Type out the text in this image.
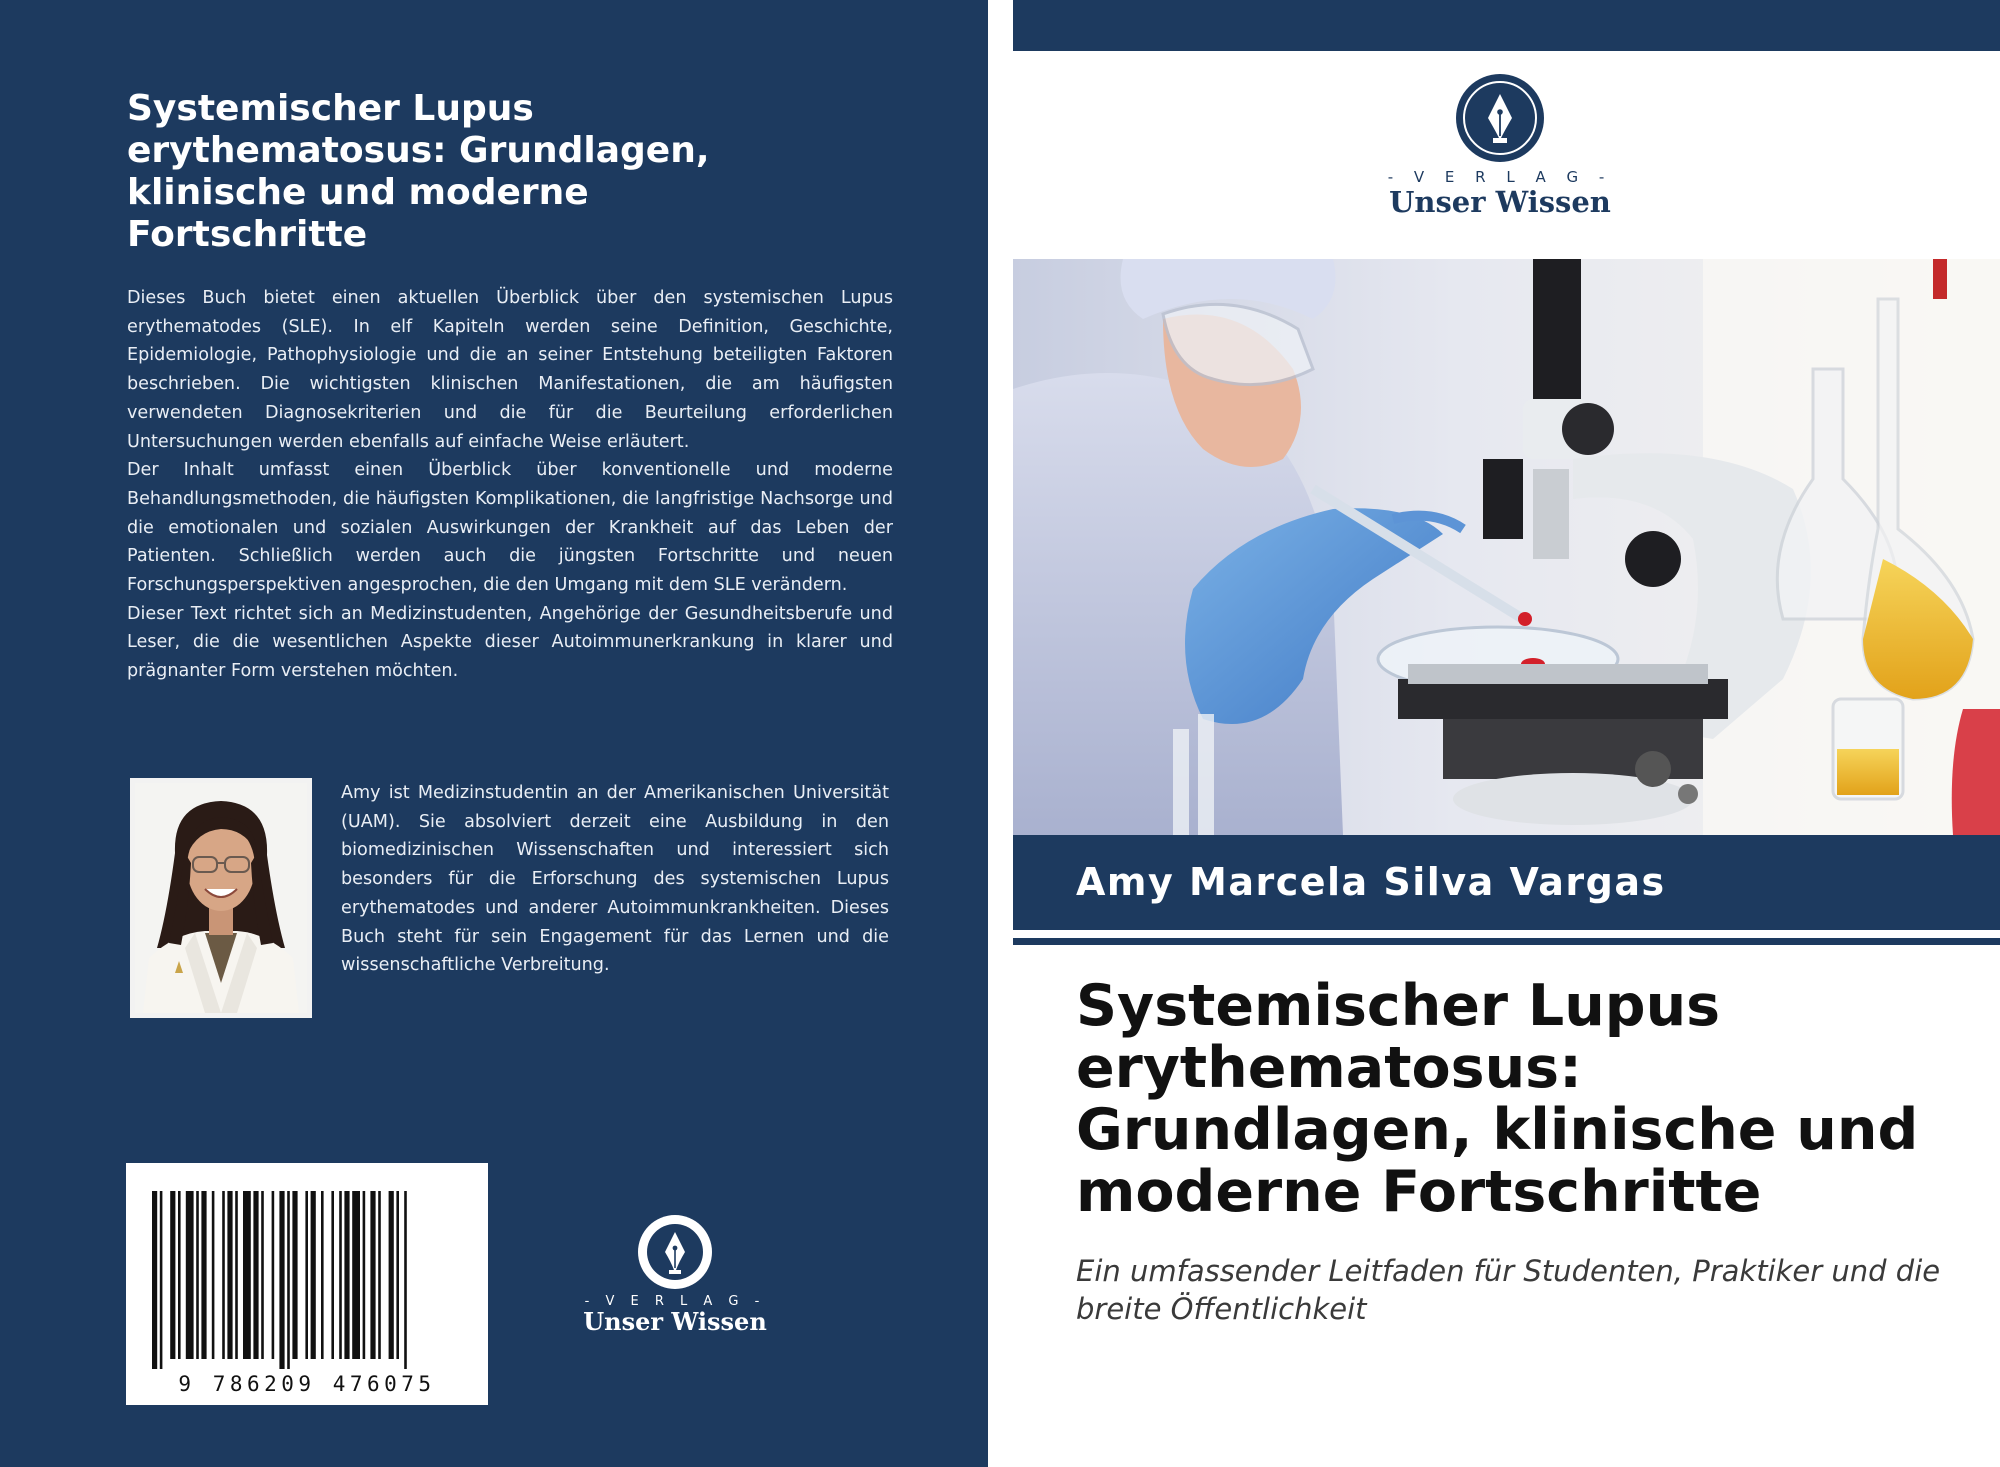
Systemischer Lupus erythematosus: Grundlagen, klinische und moderne Fortschritte

Dieses Buch bietet einen aktuellen Überblick über den systemischen Lupus erythematodes (SLE). In elf Kapiteln werden seine Definition, Geschichte, Epidemiologie, Pathophysiologie und die an seiner Entstehung beteiligten Faktoren beschrieben. Die wichtigsten klinischen Manifestationen, die am häufigsten verwendeten Diagnosekriterien und die für die Beurteilung erforderlichen Untersuchungen werden ebenfalls auf einfache Weise erläutert.

Der Inhalt umfasst einen Überblick über konventionelle und moderne Behandlungsmethoden, die häufigsten Komplikationen, die langfristige Nachsorge und die emotionalen und sozialen Auswirkungen der Krankheit auf das Leben der Patienten. Schließlich werden auch die jüngsten Fortschritte und neuen Forschungsperspektiven angesprochen, die den Umgang mit dem SLE verändern.

Dieser Text richtet sich an Medizinstudenten, Angehörige der Gesundheitsberufe und Leser, die die wesentlichen Aspekte dieser Autoimmunerkrankung in klarer und prägnanter Form verstehen möchten.

Amy ist Medizinstudentin an der Amerikanischen Universität (UAM). Sie absolviert derzeit eine Ausbildung in den biomedizinischen Wissenschaften und interessiert sich besonders für die Erforschung des systemischen Lupus erythematodes und anderer Autoimmunkrankheiten. Dieses Buch steht für sein Engagement für das Lernen und die wissenschaftliche Verbreitung.

9 786209 476075
- V E R L A G -
Unser Wissen
- V E R L A G -
Unser Wissen
Amy Marcela Silva Vargas
Systemischer Lupus erythematosus: Grundlagen, klinische und moderne Fortschritte

Ein umfassender Leitfaden für Studenten, Praktiker und die breite Öffentlichkeit
